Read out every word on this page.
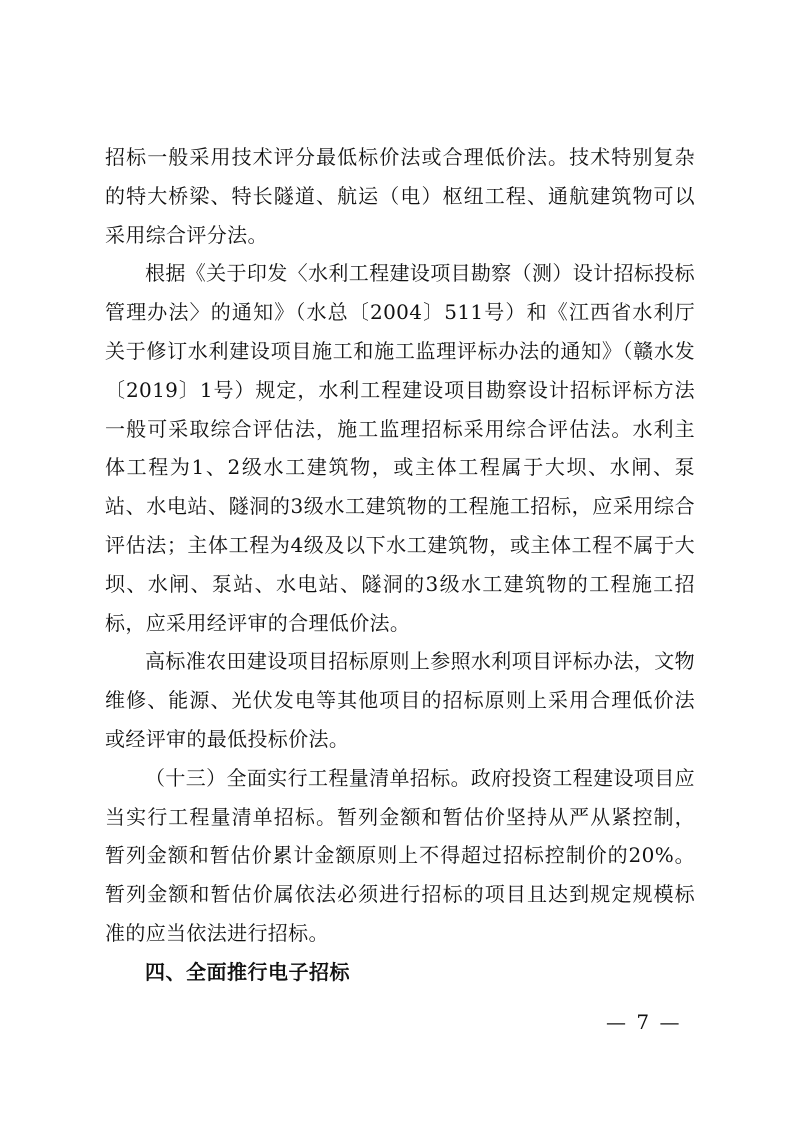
招标一般采用技术评分最低标价法或合理低价法。技术特别复杂的特大桥梁、特长隧道、航运（电）枢纽工程、通航建筑物可以采用综合评分法。

根据《关于印发〈水利工程建设项目勘察（测）设计招标投标管理办法〉的通知》（水总〔2004〕511号）和《江西省水利厅关于修订水利建设项目施工和施工监理评标办法的通知》（赣水发〔2019〕1号）规定，水利工程建设项目勘察设计招标评标方法一般可采取综合评估法，施工监理招标采用综合评估法。水利主体工程为1、2级水工建筑物，或主体工程属于大坝、水闸、泵站、水电站、隧洞的3级水工建筑物的工程施工招标，应采用综合评估法；主体工程为4级及以下水工建筑物，或主体工程不属于大坝、水闸、泵站、水电站、隧洞的3级水工建筑物的工程施工招标，应采用经评审的合理低价法。

高标准农田建设项目招标原则上参照水利项目评标办法，文物维修、能源、光伏发电等其他项目的招标原则上采用合理低价法或经评审的最低投标价法。

（十三）全面实行工程量清单招标。政府投资工程建设项目应当实行工程量清单招标。暂列金额和暂估价坚持从严从紧控制，暂列金额和暂估价累计金额原则上不得超过招标控制价的20%。暂列金额和暂估价属依法必须进行招标的项目且达到规定规模标准的应当依法进行招标。

四、全面推行电子招标

— 7 —
